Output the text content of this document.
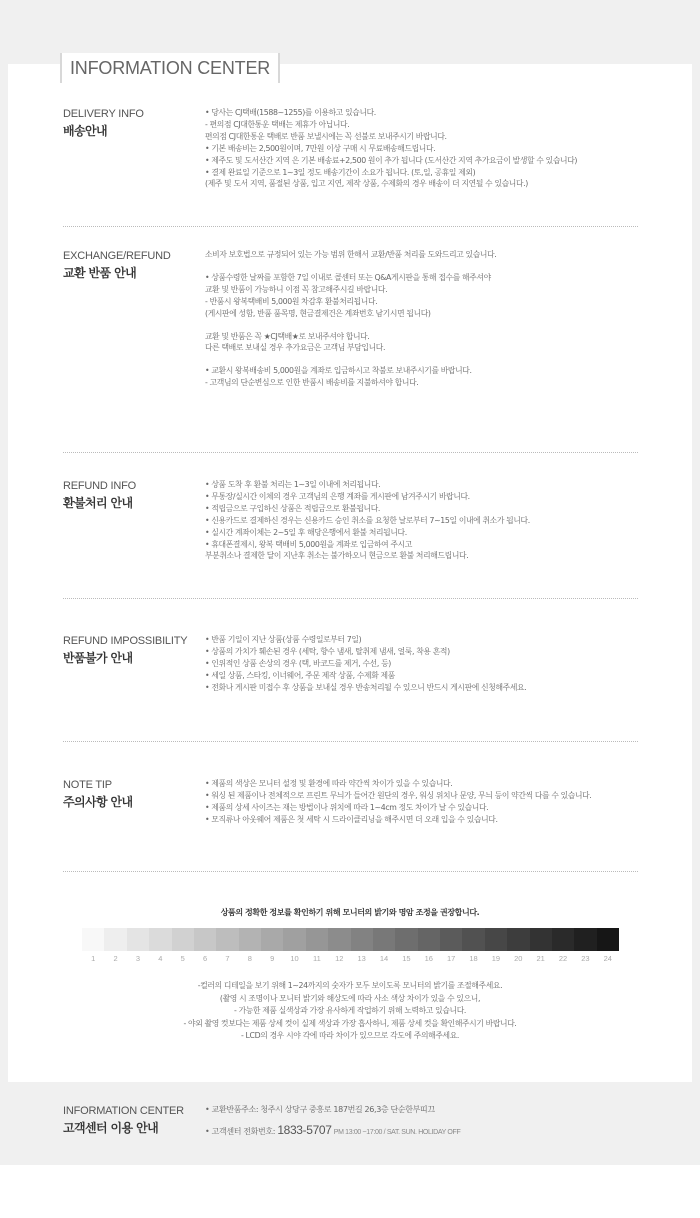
INFORMATION CENTER
DELIVERY INFO
배송안내
• 당사는 CJ택배(1588~1255)를 이용하고 있습니다.
- 편의점 CJ대한통운 택배는 제휴가 아닙니다.
편의점 CJ대한통운 택배로 반품 보낼시에는 꼭 선불로 보내주시기 바랍니다.
• 기본 배송비는 2,500원이며, 7만원 이상 구매 시 무료배송해드립니다.
• 제주도 및 도서산간 지역 은 기본 배송료+2,500 원이 추가 됩니다 (도서산간 지역 추가요금이 발생할 수 있습니다)
• 결제 완료일 기준으로 1~3일 정도 배송기간이 소요가 됩니다. (토,일, 공휴일 제외)
(제주 및 도서 지역, 품절된 상품, 입고 지연, 제작 상품, 수제화의 경우 배송이 더 지연될 수 있습니다.)
EXCHANGE/REFUND
교환 반품 안내
소비자 보호법으로 규정되어 있는 가능 범위 한해서 교환/반품 처리를 도와드리고 있습니다.
• 상품수령한 날짜를 포함한 7일 이내로 콜센터 또는 Q&A게시판을 통해 접수를 해주셔야
교환 및 반품이 가능하니 이점 꼭 참고해주시길 바랍니다.
- 반품시 왕복택배비 5,000원 차감후 환불처리됩니다.
(게시판에 성함, 반품 품목명, 현금결제건은 계좌번호 남기시면 됩니다)
교환 및 반품은 꼭 ★CJ택배★로 보내주셔야 합니다.
다른 택배로 보내실 경우 추가요금은 고객님 부담입니다.
• 교환시 왕복배송비 5,000원을 계좌로 입금하시고 착불로 보내주시기를 바랍니다.
- 고객님의 단순변심으로 인한 반품시 배송비를 지불하셔야 합니다.
REFUND INFO
환불처리 안내
• 상품 도착 후 환불 처리는 1~3일 이내에 처리됩니다.
• 무통장/실시간 이체의 경우 고객님의 은행 계좌를 게시판에 남겨주시기 바랍니다.
• 적립금으로 구입하신 상품은 적립금으로 환불됩니다.
• 신용카드로 결제하신 경우는 신용카드 승인 취소를 요청한 날로부터 7~15일 이내에 취소가 됩니다.
• 실시간 계좌이체는 2~5일 후 해당은행에서 환불 처리됩니다.
• 휴대폰결제시, 왕복 택배비 5,000원을 계좌로 입금하여 주시고
부분취소나 결제한 달이 지난후 취소는 불가하오니 현금으로 환불 처리해드립니다.
REFUND IMPOSSIBILITY
반품불가 안내
• 반품 기일이 지난 상품(상품 수령일로부터 7일)
• 상품의 가치가 훼손된 경우 (세탁, 향수 냄새, 탈취제 냄새, 얼룩, 착용 흔적)
• 인위적인 상품 손상의 경우 (택, 바코드를 제거, 수선, 등)
• 세일 상품, 스타킹, 이너웨어, 주문 제작 상품, 수제화 제품
• 전화나 게시판 미접수 후 상품을 보내실 경우 반송처리될 수 있으니 반드시 게시판에 신청해주세요.
NOTE TIP
주의사항 안내
• 제품의 색상은 모니터 설정 및 환경에 따라 약간씩 차이가 있을 수 있습니다.
• 워싱 된 제품이나 전체적으로 프린트 무늬가 들어간 원단의 경우, 워싱 위치나 문양, 무늬 등이 약간씩 다를 수 있습니다.
• 제품의 상세 사이즈는 재는 방법이나 위치에 따라 1~4cm 정도 차이가 날 수 있습니다.
• 모직류나 아웃웨어 제품은 첫 세탁 시 드라이클리닝을 해주시면 더 오래 입을 수 있습니다.
상품의 정확한 정보를 확인하기 위해 모니터의 밝기와 명암 조정을 권장합니다.
1	2	3	4	5	6	7	8	9	10	11	12	13	14	15	16	17	18	19	20	21	22	23	24
-컬러의 디테일을 보기 위해 1~24까지의 숫자가 모두 보이도록 모니터의 밝기를 조절해주세요.
(촬영 시 조명이나 모니터 밝기와 해상도에 따라 사소 색상 차이가 있을 수 있으니,
- 가능한 제품 실색상과 가장 유사하게 작업하기 위해 노력하고 있습니다.
- 야외 촬영 컷보다는 제품 상세 컷이 실제 색상과 가장 흡사하니, 제품 상세 컷을 확인해주시기 바랍니다.
- LCD의 경우 시야 각에 따라 차이가 있으므로 각도에 주의해주세요.
INFORMATION CENTER
고객센터 이용 안내
• 교환반품주소: 청주시 상당구 중흥로 187번길 26,3층 단순한부띠끄
• 고객센터 전화번호: 1833-5707 PM 13:00 ~17:00 / SAT. SUN. HOLIDAY OFF
